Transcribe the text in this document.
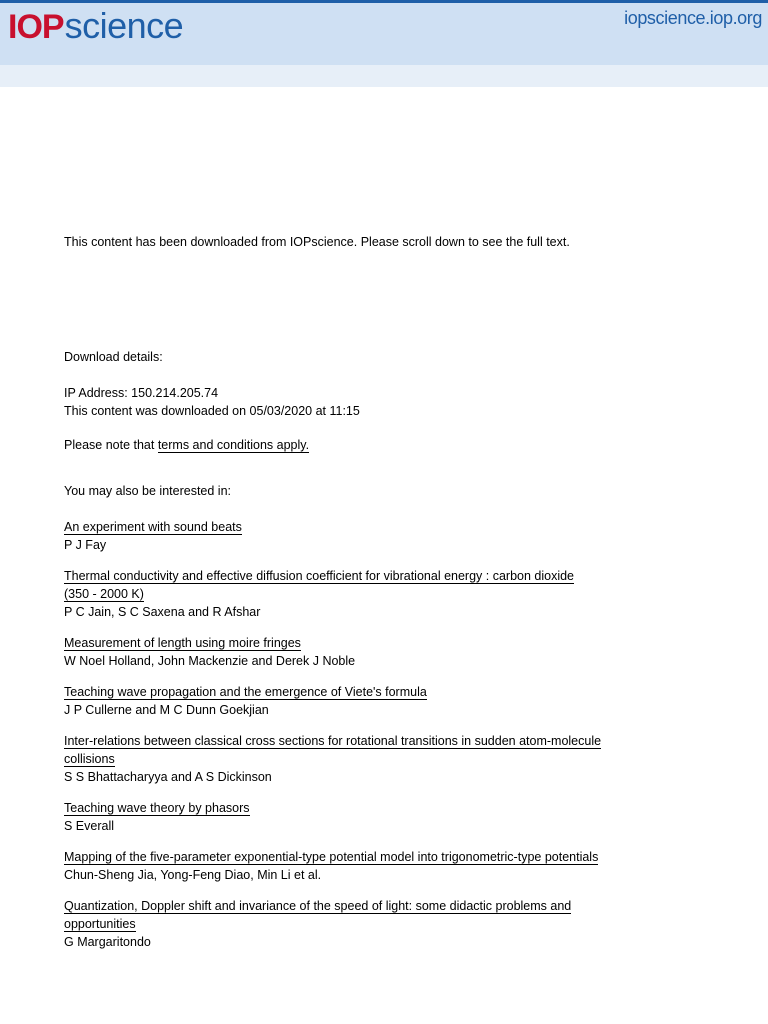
IOP science	iopscience.iop.org
This content has been downloaded from IOPscience. Please scroll down to see the full text.
Download details:
IP Address: 150.214.205.74
This content was downloaded on 05/03/2020 at 11:15
Please note that terms and conditions apply.
You may also be interested in:
An experiment with sound beats
P J Fay
Thermal conductivity and effective diffusion coefficient for vibrational energy : carbon dioxide
(350 - 2000 K)
P C Jain, S C Saxena and R Afshar
Measurement of length using moire fringes
W Noel Holland, John Mackenzie and Derek J Noble
Teaching wave propagation and the emergence of Viete's formula
J P Cullerne and M C Dunn Goekjian
Inter-relations between classical cross sections for rotational transitions in sudden atom-molecule
collisions
S S Bhattacharyya and A S Dickinson
Teaching wave theory by phasors
S Everall
Mapping of the five-parameter exponential-type potential model into trigonometric-type potentials
Chun-Sheng Jia, Yong-Feng Diao, Min Li et al.
Quantization, Doppler shift and invariance of the speed of light: some didactic problems and
opportunities
G Margaritondo
